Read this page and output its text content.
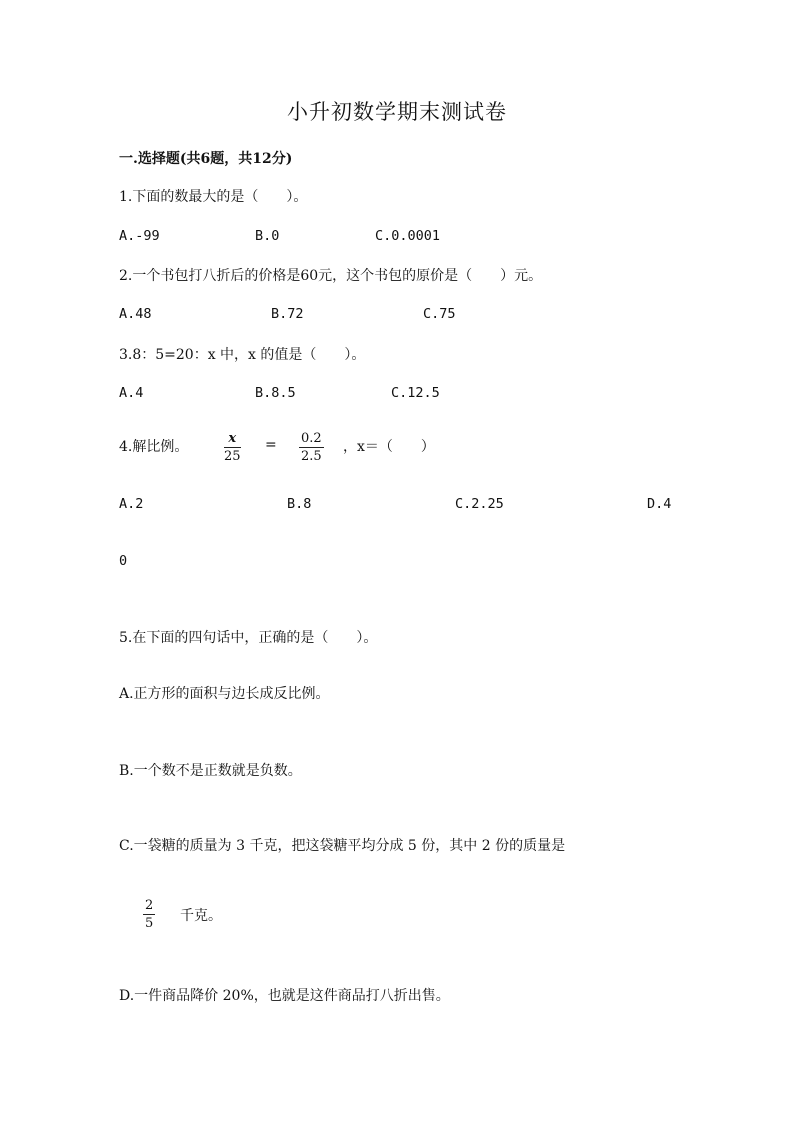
小升初数学期末测试卷
一.选择题(共6题，共12分)
1.下面的数最大的是（　　）。
A.-99	B.0	C.0.0001
2.一个书包打八折后的价格是60元，这个书包的原价是（　　）元。
A.48	B.72	C.75
3.8：5=20：x 中，x 的值是（　　）。
A.4	B.8.5	C.12.5
4.解比例。
x
25
= 0.2
2.5
，x＝（　　）
A.2	B.8	C.2.25	D.4
0
5.在下面的四句话中，正确的是（　　）。
A.正方形的面积与边长成反比例。
B.一个数不是正数就是负数。
C.一袋糖的质量为 3 千克，把这袋糖平均分成 5 份，其中 2 份的质量是
2
5 千克。
D.一件商品降价 20%，也就是这件商品打八折出售。
